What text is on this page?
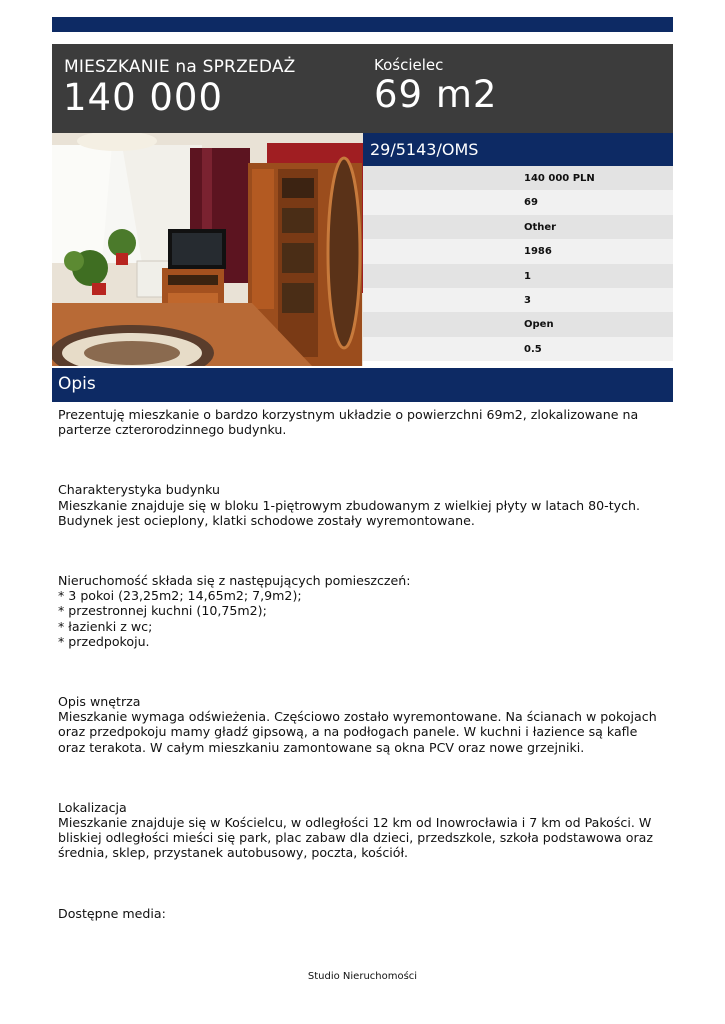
MIESZKANIE na SPRZEDAŻ
140 000
Kościelec
69 m2
29/5143/OMS
140 000 PLN
69
Other
1986
1
3
Open
0.5
Opis

Prezentuję mieszkanie o bardzo korzystnym układzie o powierzchni 69m2, zlokalizowane na parterze czterorodzinnego budynku.

Charakterystyka budynku
Mieszkanie znajduje się w bloku 1-piętrowym zbudowanym z wielkiej płyty w latach 80-tych. Budynek jest ocieplony, klatki schodowe zostały wyremontowane.

Nieruchomość składa się z następujących pomieszczeń:
* 3 pokoi (23,25m2; 14,65m2; 7,9m2);
* przestronnej kuchni (10,75m2);
* łazienki z wc;
* przedpokoju.

Opis wnętrza
Mieszkanie wymaga odświeżenia. Częściowo zostało wyremontowane. Na ścianach w pokojach oraz przedpokoju mamy gładź gipsową, a na podłogach panele. W kuchni i łazience są kafle oraz terakota. W całym mieszkaniu zamontowane są okna PCV oraz nowe grzejniki.

Lokalizacja
Mieszkanie znajduje się w Kościelcu, w odległości 12 km od Inowrocławia i 7 km od Pakości. W bliskiej odległości mieści się park, plac zabaw dla dzieci, przedszkole, szkoła podstawowa oraz średnia, sklep, przystanek autobusowy, poczta, kościół.

Dostępne media:

Studio Nieruchomości
